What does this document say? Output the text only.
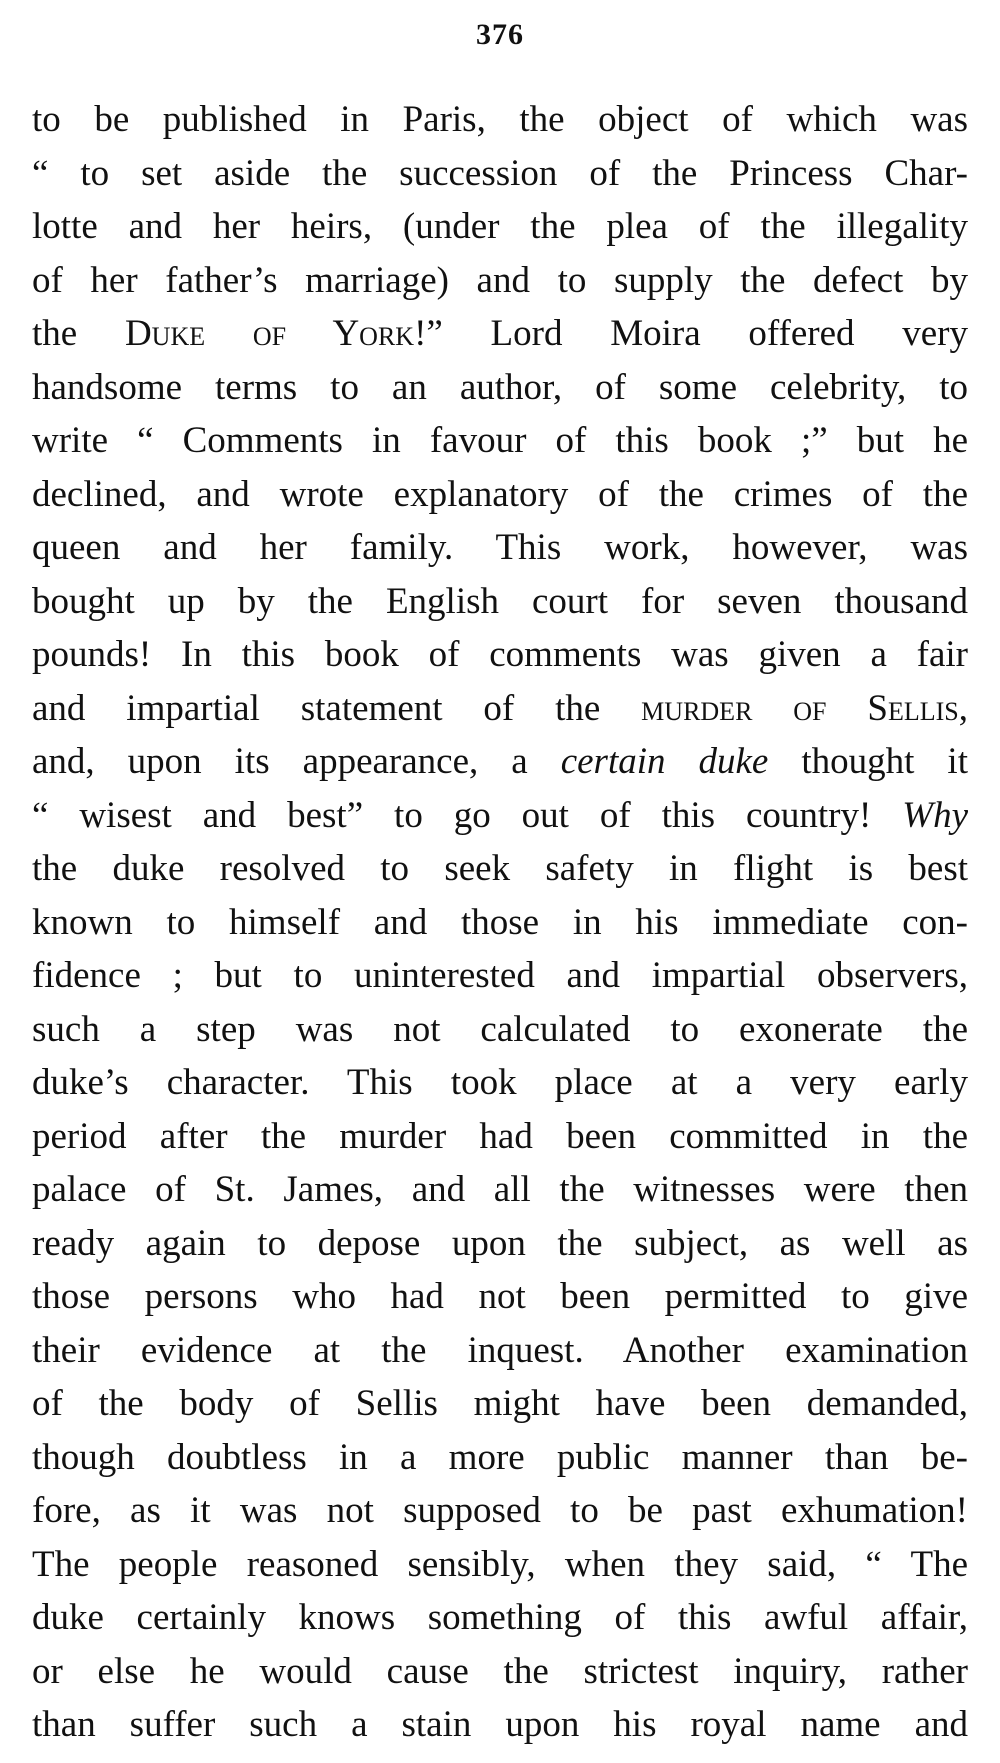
376
to be published in Paris, the object of which was
“ to set aside the succession of the Princess Char-
lotte and her heirs, (under the plea of the illegality
of her father’s marriage) and to supply the defect by
the Duke of York!” Lord Moira offered very
handsome terms to an author, of some celebrity, to
write “ Comments in favour of this book ;” but he
declined, and wrote explanatory of the crimes of the
queen and her family. This work, however, was
bought up by the English court for seven thousand
pounds! In this book of comments was given a fair
and impartial statement of the murder of Sellis,
and, upon its appearance, a certain duke thought it
“ wisest and best” to go out of this country! Why
the duke resolved to seek safety in flight is best
known to himself and those in his immediate con-
fidence ; but to uninterested and impartial observers,
such a step was not calculated to exonerate the
duke’s character. This took place at a very early
period after the murder had been committed in the
palace of St. James, and all the witnesses were then
ready again to depose upon the subject, as well as
those persons who had not been permitted to give
their evidence at the inquest. Another examination
of the body of Sellis might have been demanded,
though doubtless in a more public manner than be-
fore, as it was not supposed to be past exhumation!
The people reasoned sensibly, when they said, “ The
duke certainly knows something of this awful affair,
or else he would cause the strictest inquiry, rather
than suffer such a stain upon his royal name and
